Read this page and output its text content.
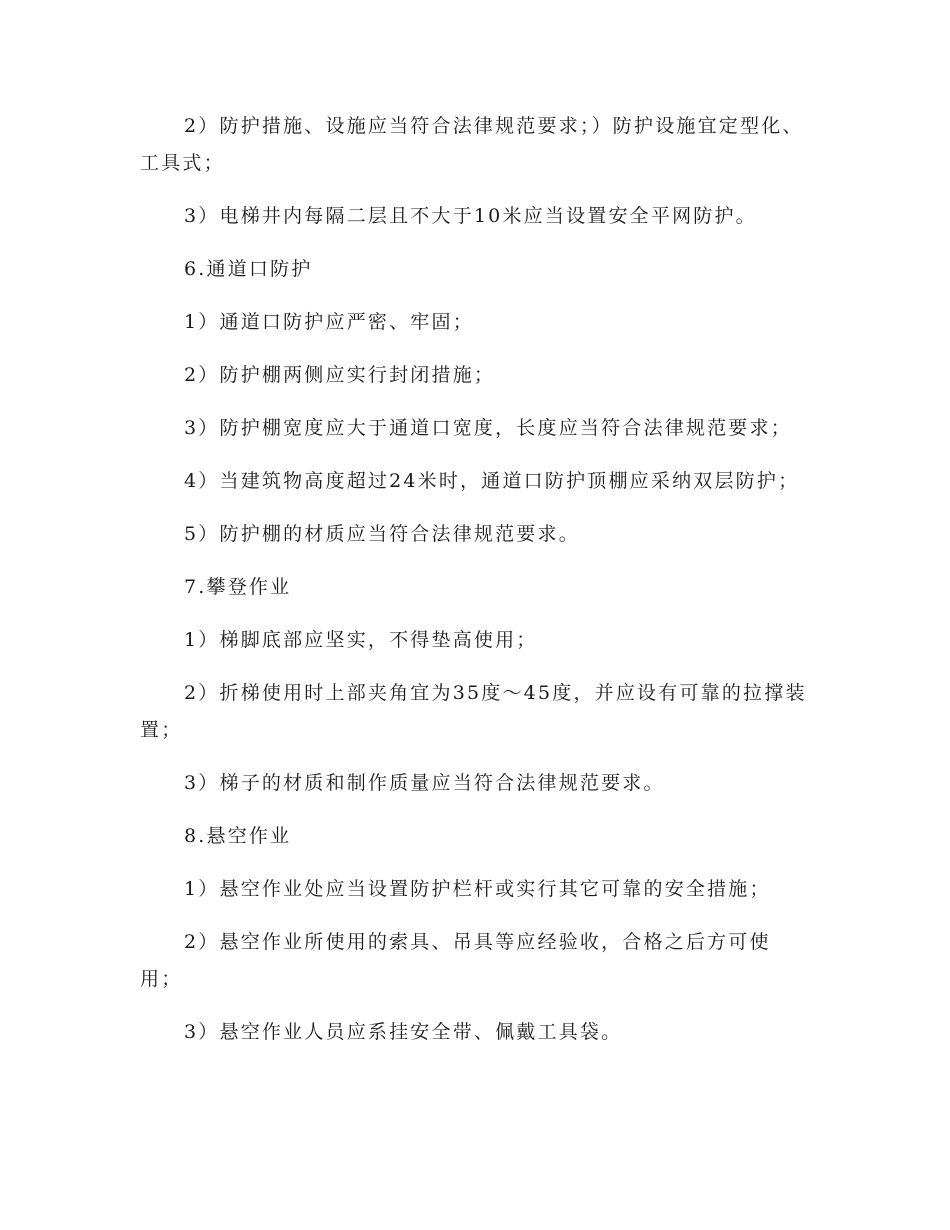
2）防护措施、设施应当符合法律规范要求；）防护设施宜定型化、工具式；

3）电梯井内每隔二层且不大于10米应当设置安全平网防护。

6.通道口防护

1）通道口防护应严密、牢固；

2）防护棚两侧应实行封闭措施；

3）防护棚宽度应大于通道口宽度，长度应当符合法律规范要求；

4）当建筑物高度超过24米时，通道口防护顶棚应采纳双层防护；

5）防护棚的材质应当符合法律规范要求。

7.攀登作业

1）梯脚底部应坚实，不得垫高使用；

2）折梯使用时上部夹角宜为35度～45度，并应设有可靠的拉撑装置；

3）梯子的材质和制作质量应当符合法律规范要求。

8.悬空作业

1）悬空作业处应当设置防护栏杆或实行其它可靠的安全措施；

2）悬空作业所使用的索具、吊具等应经验收，合格之后方可使用；

3）悬空作业人员应系挂安全带、佩戴工具袋。
